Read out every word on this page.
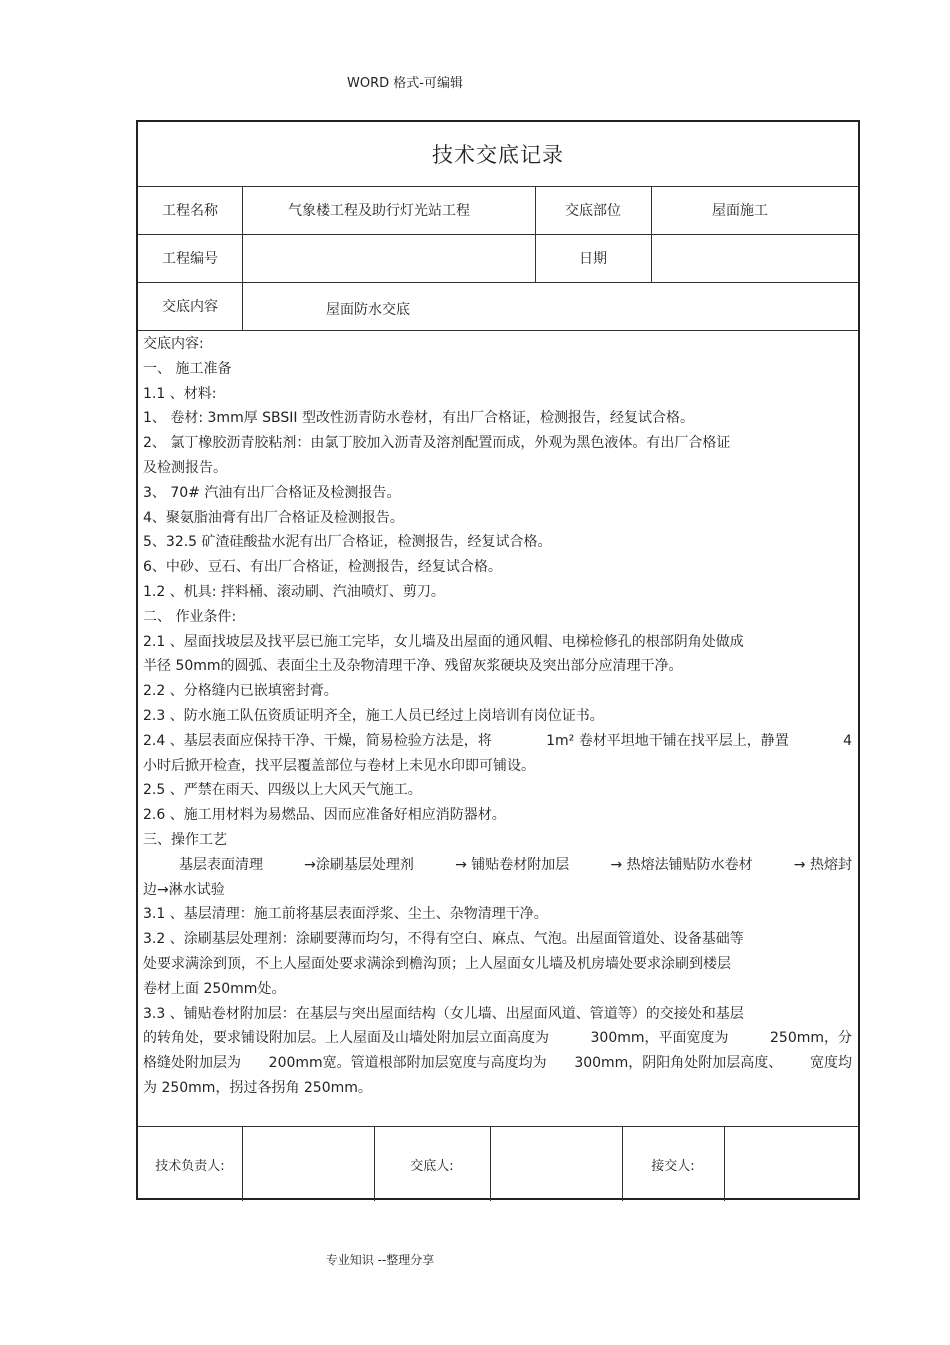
WORD 格式-可编辑
技术交底记录
工程名称	气象楼工程及助行灯光站工程	交底部位	屋面施工
工程编号	日期
交底内容	屋面防水交底
交底内容:
一、 施工准备
1.1 、材料:
1、 卷材: 3mm厚 SBSII 型改性沥青防水卷材，有出厂合格证，检测报告，经复试合格。
2、 氯丁橡胶沥青胶粘剂：由氯丁胶加入沥青及溶剂配置而成，外观为黑色液体。有出厂合格证
及检测报告。
3、 70# 汽油有出厂合格证及检测报告。
4、聚氨脂油膏有出厂合格证及检测报告。
5、32.5 矿渣硅酸盐水泥有出厂合格证，检测报告，经复试合格。
6、中砂、豆石、有出厂合格证，检测报告，经复试合格。
1.2 、机具: 拌料桶、滚动刷、汽油喷灯、剪刀。
二、 作业条件:
2.1 、屋面找坡层及找平层已施工完毕，女儿墙及出屋面的通风帽、电梯检修孔的根部阴角处做成
半径 50mm的圆弧、表面尘土及杂物清理干净、残留灰浆硬块及突出部分应清理干净。
2.2 、分格缝内已嵌填密封膏。
2.3 、防水施工队伍资质证明齐全，施工人员已经过上岗培训有岗位证书。
2.4 、基层表面应保持干净、干燥，简易检验方法是，将	1m² 卷材平坦地干铺在找平层上，静置	4
小时后掀开检查，找平层覆盖部位与卷材上未见水印即可铺设。
2.5 、严禁在雨天、四级以上大风天气施工。
2.6 、施工用材料为易燃品、因而应准备好相应消防器材。
三、操作工艺
基层表面清理	→涂刷基层处理剂	→ 铺贴卷材附加层	→ 热熔法铺贴防水卷材	→ 热熔封
边→淋水试验
3.1 、基层清理：施工前将基层表面浮浆、尘土、杂物清理干净。
3.2 、涂刷基层处理剂：涂刷要薄而均匀，不得有空白、麻点、气泡。出屋面管道处、设备基础等
处要求满涂到顶，不上人屋面处要求满涂到檐沟顶；上人屋面女儿墙及机房墙处要求涂刷到楼层
卷材上面 250mm处。
3.3 、铺贴卷材附加层：在基层与突出屋面结构（女儿墙、出屋面风道、管道等）的交接处和基层
的转角处，要求铺设附加层。上人屋面及山墙处附加层立面高度为	300mm，平面宽度为	250mm，分
格缝处附加层为 200mm宽。管道根部附加层宽度与高度均为 300mm，阴阳角处附加层高度、 宽度均
为 250mm，拐过各拐角 250mm。
技术负责人:	交底人:	接交人:
专业知识 --整理分享
